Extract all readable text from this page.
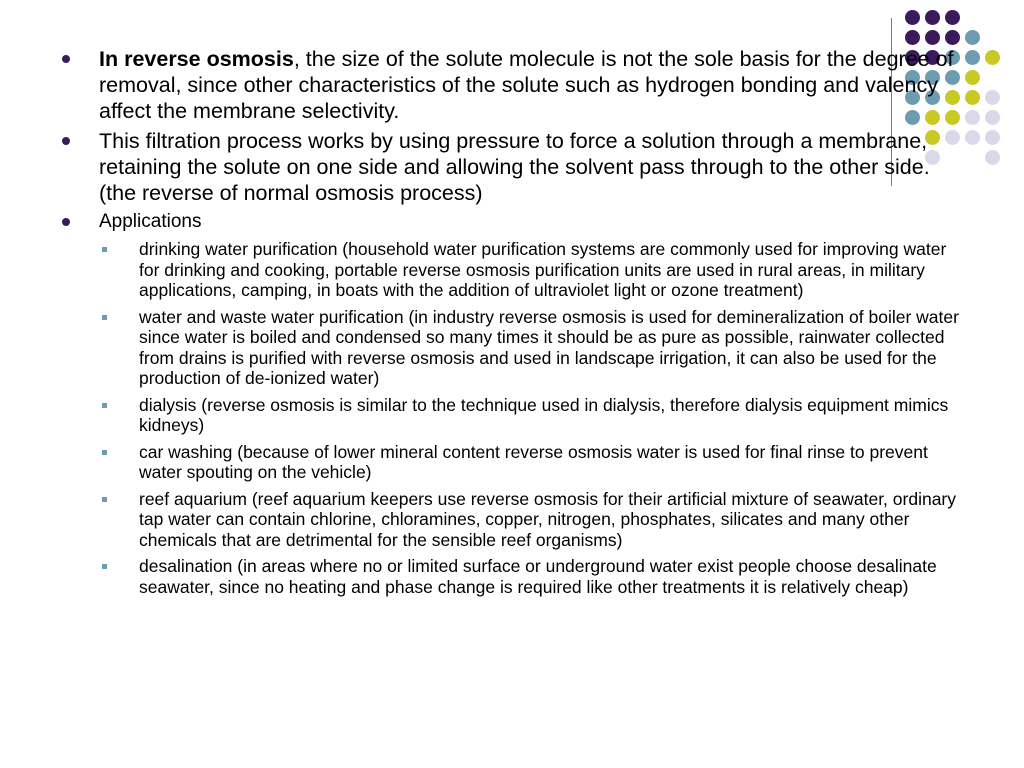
In reverse osmosis, the size of the solute molecule is not the sole basis for the degree of removal, since other characteristics of the solute such as hydrogen bonding and valency affect the membrane selectivity.
This filtration process works by using pressure to force a solution through a membrane, retaining the solute on one side and allowing the solvent pass through to the other side. (the reverse of normal osmosis process)
Applications
drinking water purification (household water purification systems are commonly used for improving water for drinking and cooking, portable reverse osmosis purification units are used in rural areas, in military applications, camping, in boats with the addition of ultraviolet light or ozone treatment)
water and waste water purification (in industry reverse osmosis is used for demineralization of boiler water since water is boiled and condensed so many times it should be as pure as possible, rainwater collected from drains is purified with reverse osmosis and used in landscape irrigation, it can also be used for the production of de-ionized water)
dialysis (reverse osmosis is similar to the technique used in dialysis, therefore dialysis equipment mimics kidneys)
car washing (because of lower mineral content reverse osmosis water is used for final rinse to prevent water spouting on the vehicle)
reef aquarium (reef aquarium keepers use reverse osmosis for their artificial mixture of seawater, ordinary tap water can contain chlorine, chloramines, copper, nitrogen, phosphates, silicates and many other chemicals that are detrimental for the sensible reef organisms)
desalination (in areas where no or limited surface or underground water exist people choose desalinate seawater, since no heating and phase change is required like other treatments it is relatively cheap)
